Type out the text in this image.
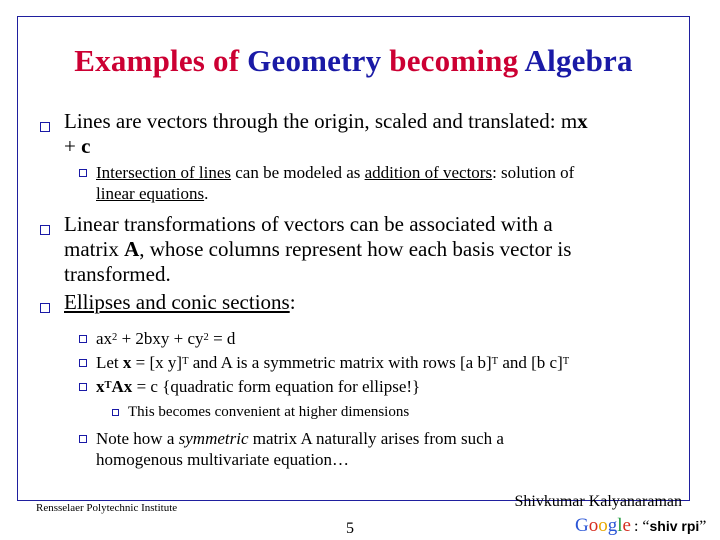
Examples of Geometry becoming Algebra
Lines are vectors through the origin, scaled and translated: mx
+ c
Intersection of lines can be modeled as addition of vectors: solution of
linear equations.
Linear transformations of vectors can be associated with a
matrix A, whose columns represent how each basis vector is
transformed.
Ellipses and conic sections:
$ax^2 + 2bxy + cy^2 = d$
Let x = [x y]$^T$ and A is a symmetric matrix with rows [a b]$^T$ and [b c]$^T$
$x^TAx = c$ {quadratic form equation for ellipse!}
This becomes convenient at higher dimensions
Note how a symmetric matrix A naturally arises from such a
homogenous multivariate equation…
Rensselaer Polytechnic Institute	Shivkumar Kalyanaraman
5	Google : “shiv rpi”
